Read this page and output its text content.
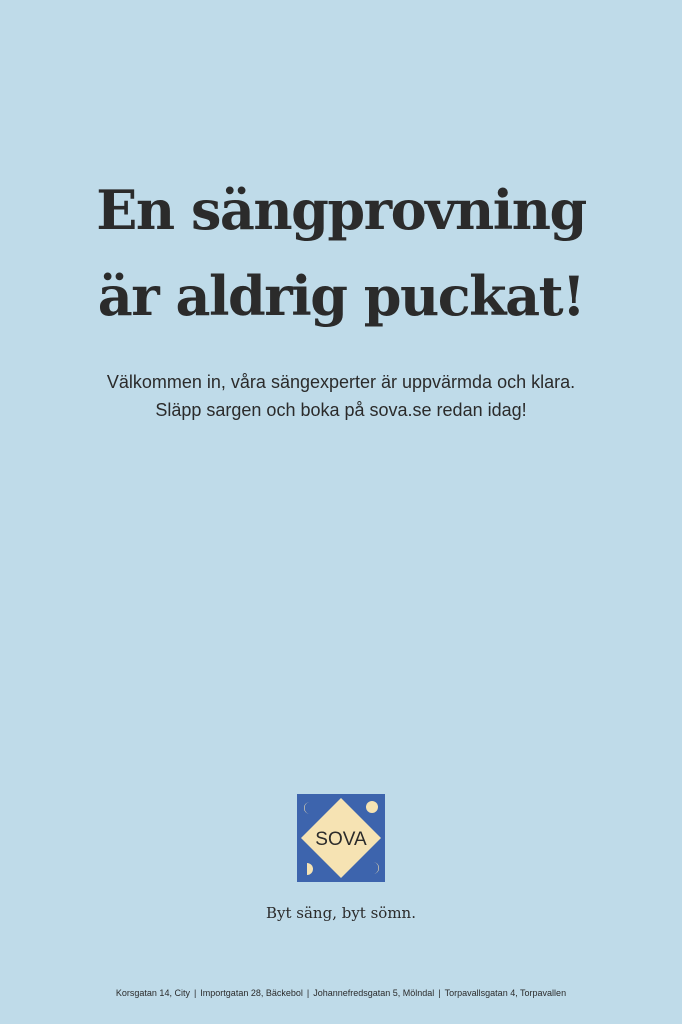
En sängprovning
är aldrig puckat!

Välkommen in, våra sängexperter är uppvärmda och klara.

Släpp sargen och boka på sova.se redan idag!

SOVA

Byt säng, byt sömn.

Korsgatan 14, City | Importgatan 28, Bäckebol | Johannefredsgatan 5, Mölndal | Torpavallsgatan 4, Torpavallen
